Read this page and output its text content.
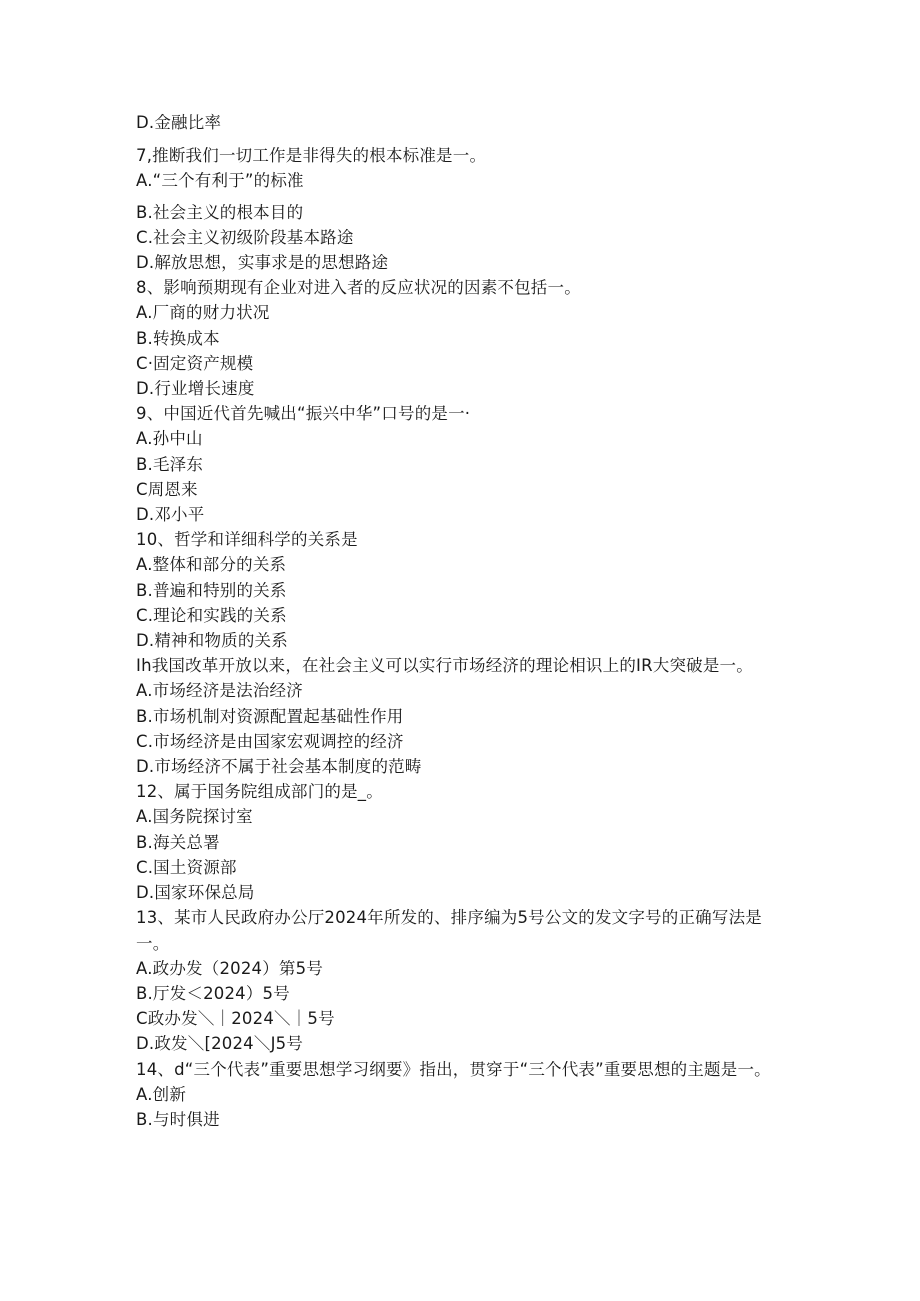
D.金融比率
7,推断我们一切工作是非得失的根本标准是一。
A.“三个有利于”的标准
B.社会主义的根本目的
C.社会主义初级阶段基本路途
D.解放思想，实事求是的思想路途
8、影响预期现有企业对进入者的反应状况的因素不包括一。
A.厂商的财力状况
B.转换成本
C·固定资产规模
D.行业增长速度
9、中国近代首先喊出“振兴中华”口号的是一·
A.孙中山
B.毛泽东
C周恩来
D.邓小平
10、哲学和详细科学的关系是
A.整体和部分的关系
B.普遍和特别的关系
C.理论和实践的关系
D.精神和物质的关系
Ih我国改革开放以来，在社会主义可以实行市场经济的理论相识上的IR大突破是一。
A.市场经济是法治经济
B.市场机制对资源配置起基础性作用
C.市场经济是由国家宏观调控的经济
D.市场经济不属于社会基本制度的范畴
12、属于国务院组成部门的是_。
A.国务院探讨室
B.海关总署
C.国土资源部
D.国家环保总局
13、某市人民政府办公厅2024年所发的、排序编为5号公文的发文字号的正确写法是一。
A.政办发（2024）第5号
B.厅发＜2024）5号
C政办发＼｜2024＼｜5号
D.政发＼[2024＼J5号
14、d“三个代表”重要思想学习纲要》指出，贯穿于“三个代表”重要思想的主题是一。
A.创新
B.与时俱进
